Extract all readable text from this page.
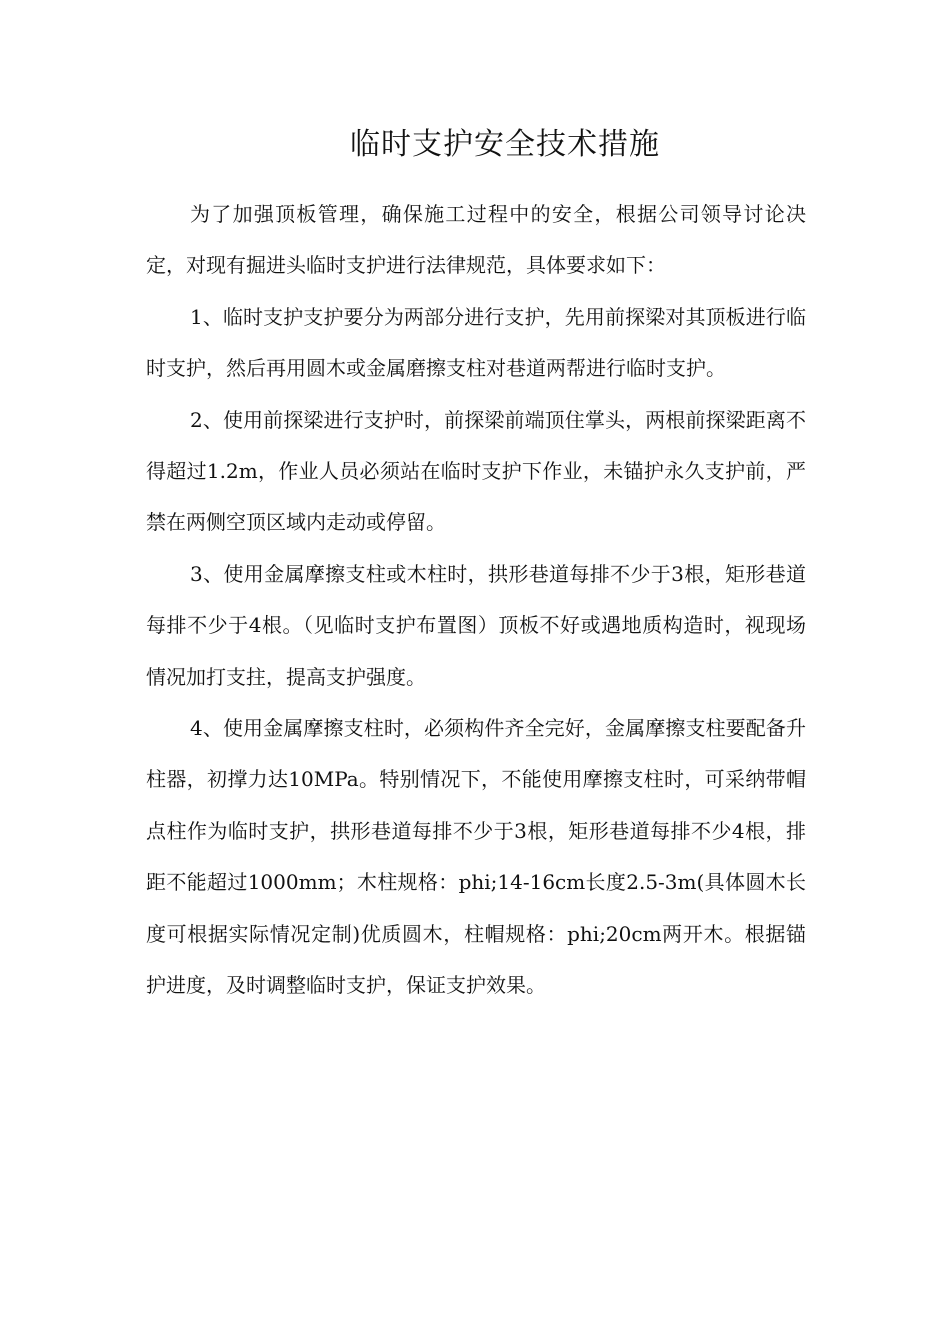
临时支护安全技术措施

为了加强顶板管理，确保施工过程中的安全，根据公司领导讨论决定，对现有掘进头临时支护进行法律规范，具体要求如下：

1、临时支护支护要分为两部分进行支护，先用前探梁对其顶板进行临时支护，然后再用圆木或金属磨擦支柱对巷道两帮进行临时支护。

2、使用前探梁进行支护时，前探梁前端顶住掌头，两根前探梁距离不得超过1.2m，作业人员必须站在临时支护下作业，未锚护永久支护前，严禁在两侧空顶区域内走动或停留。

3、使用金属摩擦支柱或木柱时，拱形巷道每排不少于3根，矩形巷道每排不少于4根。（见临时支护布置图）顶板不好或遇地质构造时，视现场情况加打支拄，提高支护强度。

4、使用金属摩擦支柱时，必须构件齐全完好，金属摩擦支柱要配备升柱器，初撑力达10MPa。特别情况下，不能使用摩擦支柱时，可采纳带帽点柱作为临时支护，拱形巷道每排不少于3根，矩形巷道每排不少4根，排距不能超过1000mm；木柱规格：phi;14-16cm长度2.5-3m(具体圆木长度可根据实际情况定制)优质圆木，柱帽规格：phi;20cm两开木。根据锚护进度，及时调整临时支护，保证支护效果。
